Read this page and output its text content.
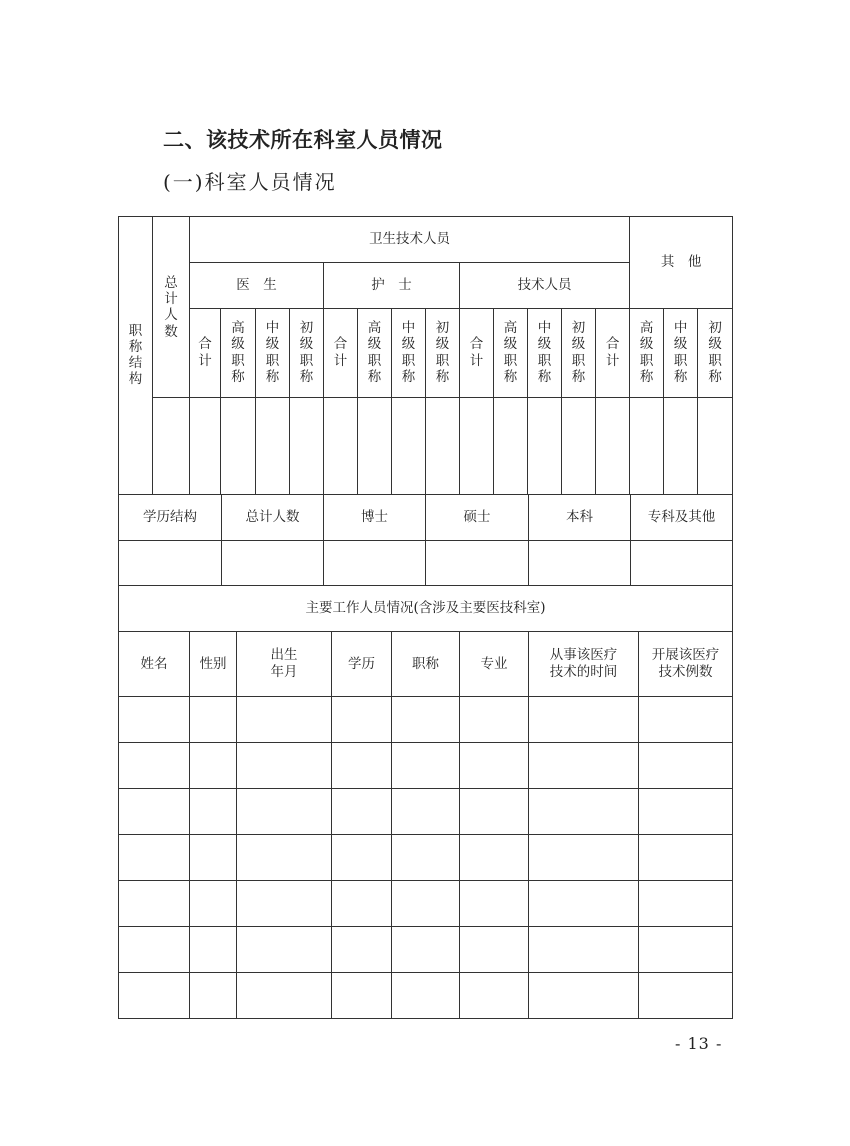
二、该技术所在科室人员情况
(一)科室人员情况
职称结构	总计人数	卫生技术人员													其　他		
		医　生				护　士				技术人员							
		合计	高级职称	中级职称	初级职称	合计	高级职称	中级职称	初级职称	合计	高级职称	中级职称	初级职称	合计	高级职称	中级职称	初级职称

学历结构	总计人数	博士	硕士	本科	专科及其他

主要工作人员情况(含涉及主要医技科室)							
姓名	性别	出生年月	学历	职称	专业	从事该医疗技术的时间	开展该医疗技术例数

- 13 -
